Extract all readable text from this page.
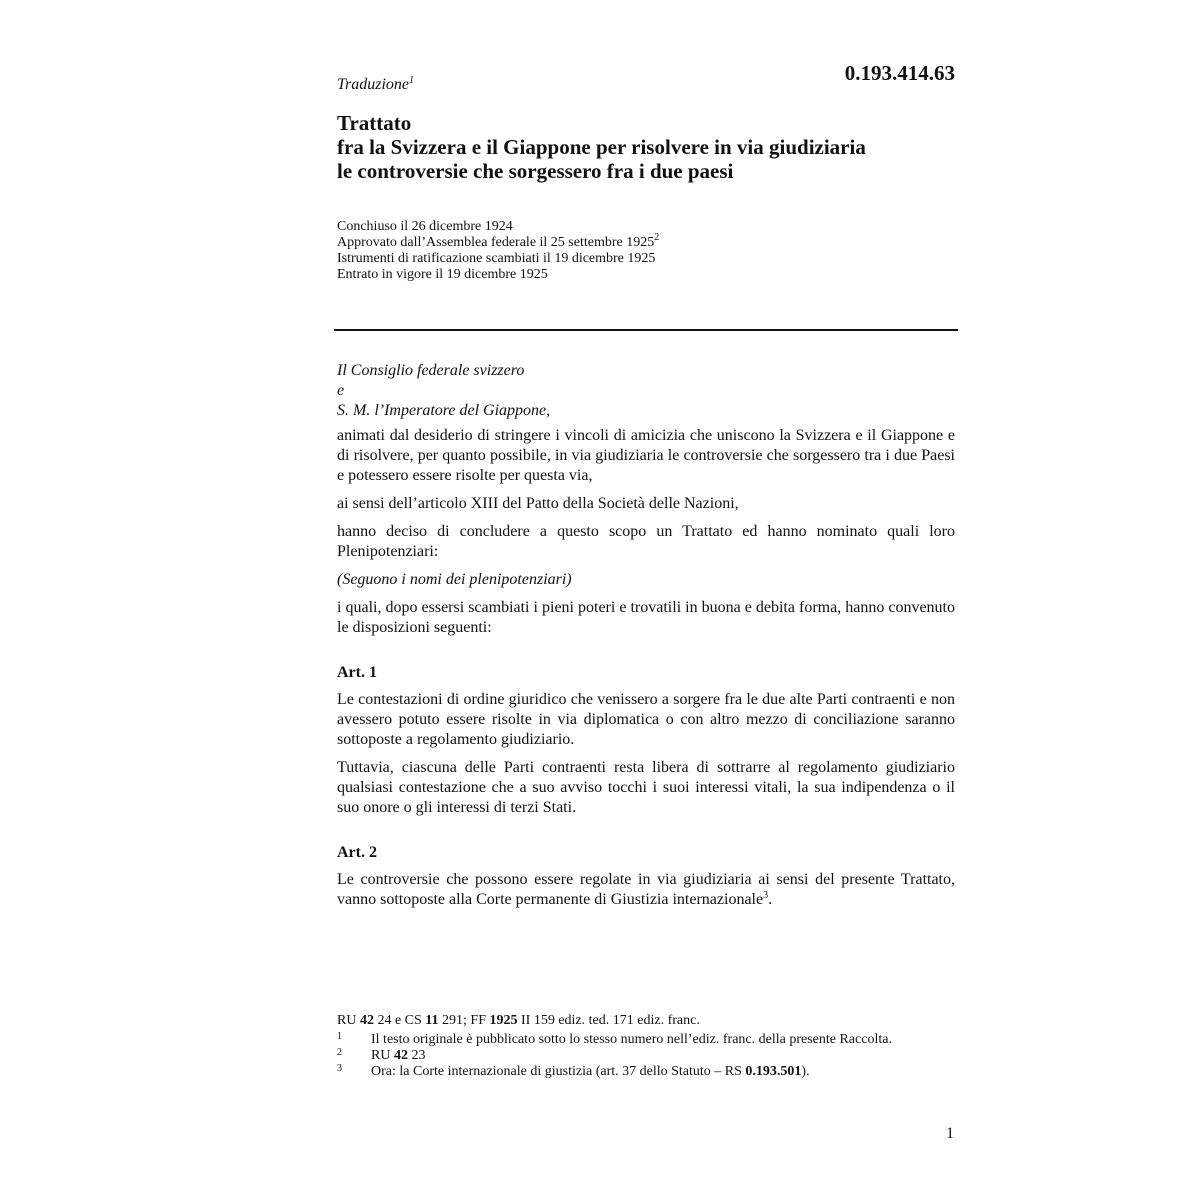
Traduzione$^1$	0.193.414.63
Trattato
fra la Svizzera e il Giappone per risolvere in via giudiziaria
le controversie che sorgessero fra i due paesi
Conchiuso il 26 dicembre 1924
Approvato dall’Assemblea federale il 25 settembre 1925$^2$
Istrumenti di ratificazione scambiati il 19 dicembre 1925
Entrato in vigore il 19 dicembre 1925

Il Consiglio federale svizzero

e

S. M. l’Imperatore del Giappone,

animati dal desiderio di stringere i vincoli di amicizia che uniscono la Svizzera e il Giappone e di risolvere, per quanto possibile, in via giudiziaria le controversie che sorgessero tra i due Paesi e potessero essere risolte per questa via,

ai sensi dell’articolo XIII del Patto della Società delle Nazioni,

hanno deciso di concludere a questo scopo un Trattato ed hanno nominato quali loro Plenipotenziari:

(Seguono i nomi dei plenipotenziari)

i quali, dopo essersi scambiati i pieni poteri e trovatili in buona e debita forma, hanno convenuto le disposizioni seguenti:

Art. 1

Le contestazioni di ordine giuridico che venissero a sorgere fra le due alte Parti contraenti e non avessero potuto essere risolte in via diplomatica o con altro mezzo di conciliazione saranno sottoposte a regolamento giudiziario.

Tuttavia, ciascuna delle Parti contraenti resta libera di sottrarre al regolamento giudiziario qualsiasi contestazione che a suo avviso tocchi i suoi interessi vitali, la sua indipendenza o il suo onore o gli interessi di terzi Stati.

Art. 2

Le controversie che possono essere regolate in via giudiziaria ai sensi del presente Trattato, vanno sottoposte alla Corte permanente di Giustizia internazionale$^3$.

RU 42 24 e CS 11 291; FF 1925 II 159 ediz. ted. 171 ediz. franc.
1 Il testo originale è pubblicato sotto lo stesso numero nell’ediz. franc. della presente Raccolta.
2 RU 42 23
3 Ora: la Corte internazionale di giustizia (art. 37 dello Statuto – RS 0.193.501).
1
